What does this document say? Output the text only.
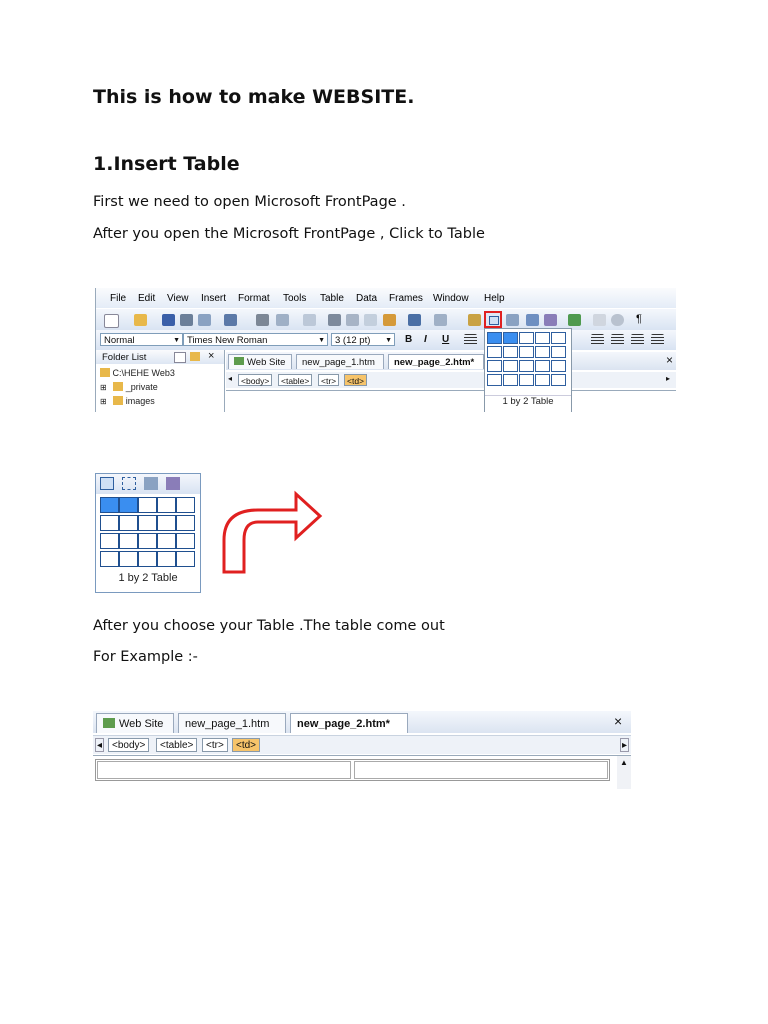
This is how to make WEBSITE.
1.Insert Table

First we need to open Microsoft FrontPage .

After you open the Microsoft FrontPage , Click to Table

File Edit View Insert Format Tools Table Data Frames Window Help
¶
Normal	▼ Times New Roman	▼	3 (12 pt) ▼ B I U
Folder List	×
C:\HEHE Web3
⊞ _private
⊞ images
Web Site	new_page_1.htm	new_page_2.htm*	×
◂	<body>	<table>	<tr>	<td>	▸
1 by 2 Table
1 by 2 Table

After you choose your Table .The table come out

For Example :-

Web Site	new_page_1.htm	new_page_2.htm*	×
◂ <body>	<table>	<tr>	<td>	▸
▲
